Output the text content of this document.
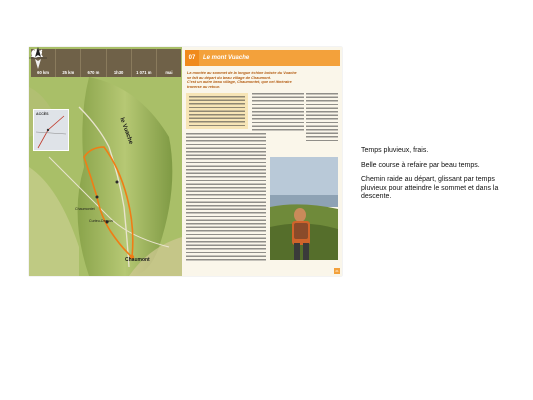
60 km	25 km	670 m	1h30	1 071 m	mai
ACCÈS
le Vuache
Chaumontet
Curteu-Dessus
Chaumont
07	Le mont Vuache
La montée au sommet de la longue échine boisée du Vuache
se fait au départ du beau village de Chaumont.
C'est un autre beau village, Chaumontet, que cet itinéraire
traverse au retour.
21

Temps pluvieux, frais.

Belle course à refaire par beau temps.

Chemin raide au départ, glissant par temps pluvieux pour atteindre le sommet et dans la descente.
